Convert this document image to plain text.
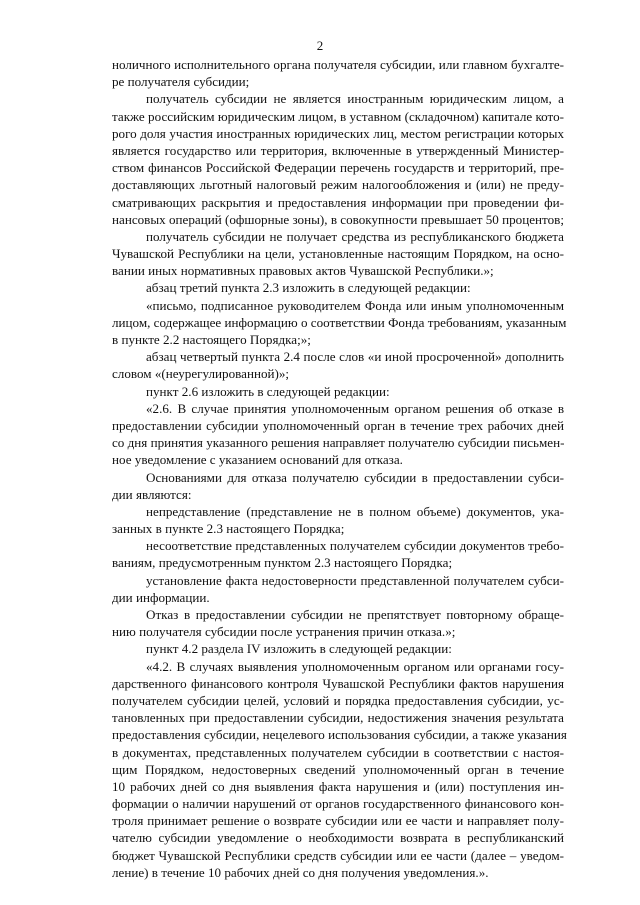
2
ноличного исполнительного органа получателя субсидии, или главном бухгалте-
ре получателя субсидии;
получатель субсидии не является иностранным юридическим лицом, а
также российским юридическим лицом, в уставном (складочном) капитале кото-
рого доля участия иностранных юридических лиц, местом регистрации которых
является государство или территория, включенные в утвержденный Министер-
ством финансов Российской Федерации перечень государств и территорий, пре-
доставляющих льготный налоговый режим налогообложения и (или) не преду-
сматривающих раскрытия и предоставления информации при проведении фи-
нансовых операций (офшорные зоны), в совокупности превышает 50 процентов;
получатель субсидии не получает средства из республиканского бюджета
Чувашской Республики на цели, установленные настоящим Порядком, на осно-
вании иных нормативных правовых актов Чувашской Республики.»;
абзац третий пункта 2.3 изложить в следующей редакции:
«письмо, подписанное руководителем Фонда или иным уполномоченным
лицом, содержащее информацию о соответствии Фонда требованиям, указанным
в пункте 2.2 настоящего Порядка;»;
абзац четвертый пункта 2.4 после слов «и иной просроченной» дополнить
словом «(неурегулированной)»;
пункт 2.6 изложить в следующей редакции:
«2.6. В случае принятия уполномоченным органом решения об отказе в
предоставлении субсидии уполномоченный орган в течение трех рабочих дней
со дня принятия указанного решения направляет получателю субсидии письмен-
ное уведомление с указанием оснований для отказа.
Основаниями для отказа получателю субсидии в предоставлении субси-
дии являются:
непредставление (представление не в полном объеме) документов, ука-
занных в пункте 2.3 настоящего Порядка;
несоответствие представленных получателем субсидии документов требо-
ваниям, предусмотренным пунктом 2.3 настоящего Порядка;
установление факта недостоверности представленной получателем субси-
дии информации.
Отказ в предоставлении субсидии не препятствует повторному обраще-
нию получателя субсидии после устранения причин отказа.»;
пункт 4.2 раздела IV изложить в следующей редакции:
«4.2. В случаях выявления уполномоченным органом или органами госу-
дарственного финансового контроля Чувашской Республики фактов нарушения
получателем субсидии целей, условий и порядка предоставления субсидии, ус-
тановленных при предоставлении субсидии, недостижения значения результата
предоставления субсидии, нецелевого использования субсидии, а также указания
в документах, представленных получателем субсидии в соответствии с настоя-
щим Порядком, недостоверных сведений уполномоченный орган в течение
10 рабочих дней со дня выявления факта нарушения и (или) поступления ин-
формации о наличии нарушений от органов государственного финансового кон-
троля принимает решение о возврате субсидии или ее части и направляет полу-
чателю субсидии уведомление о необходимости возврата в республиканский
бюджет Чувашской Республики средств субсидии или ее части (далее – уведом-
ление) в течение 10 рабочих дней со дня получения уведомления.».
